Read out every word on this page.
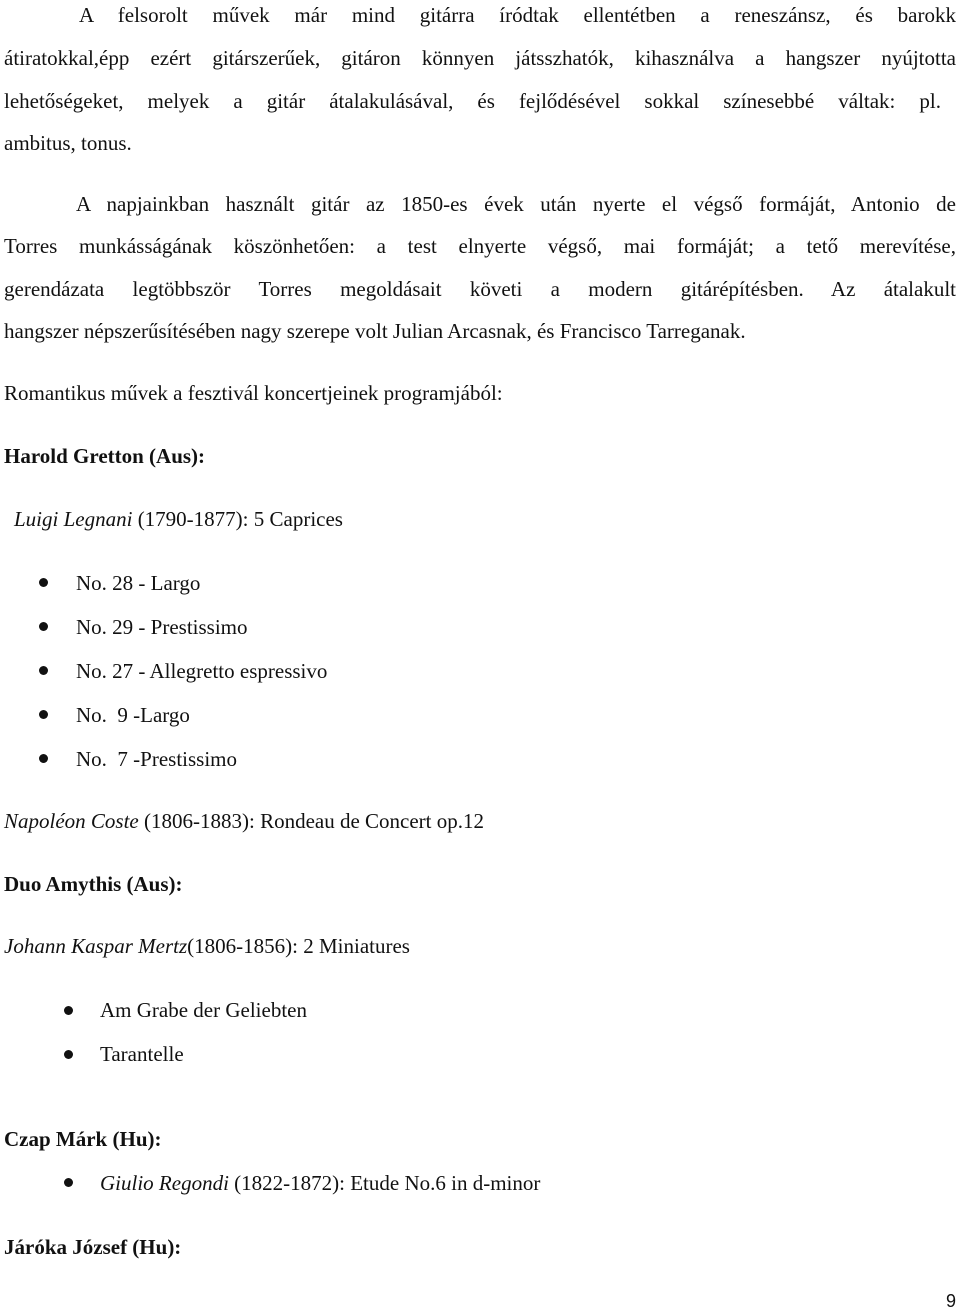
A felsorolt művek már mind gitárra íródtak ellentétben a reneszánsz, és barokk
átiratokkal,épp ezért gitárszerűek, gitáron könnyen játsszhatók, kihasználva a hangszer nyújtotta
lehetőségeket, melyek a gitár átalakulásával, és fejlődésével sokkal színesebbé váltak: pl.
ambitus, tonus.
A napjainkban használt gitár az 1850-es évek után nyerte el végső formáját, Antonio de
Torres munkásságának köszönhetően: a test elnyerte végső, mai formáját; a tető merevítése,
gerendázata legtöbbször Torres megoldásait követi a modern gitárépítésben. Az átalakult
hangszer népszerűsítésében nagy szerepe volt Julian Arcasnak, és Francisco Tarreganak.
Romantikus művek a fesztivál koncertjeinek programjából:
Harold Gretton (Aus):
Luigi Legnani (1790-1877): 5 Caprices
No. 28 - Largo
No. 29 - Prestissimo
No. 27 - Allegretto espressivo
No.  9 -Largo
No.  7 -Prestissimo
Napoléon Coste (1806-1883): Rondeau de Concert op.12
Duo Amythis (Aus):
Johann Kaspar Mertz(1806-1856): 2 Miniatures
Am Grabe der Geliebten
Tarantelle
Czap Márk (Hu):
Giulio Regondi (1822-1872): Etude No.6 in d-minor
Járóka József (Hu):
9
